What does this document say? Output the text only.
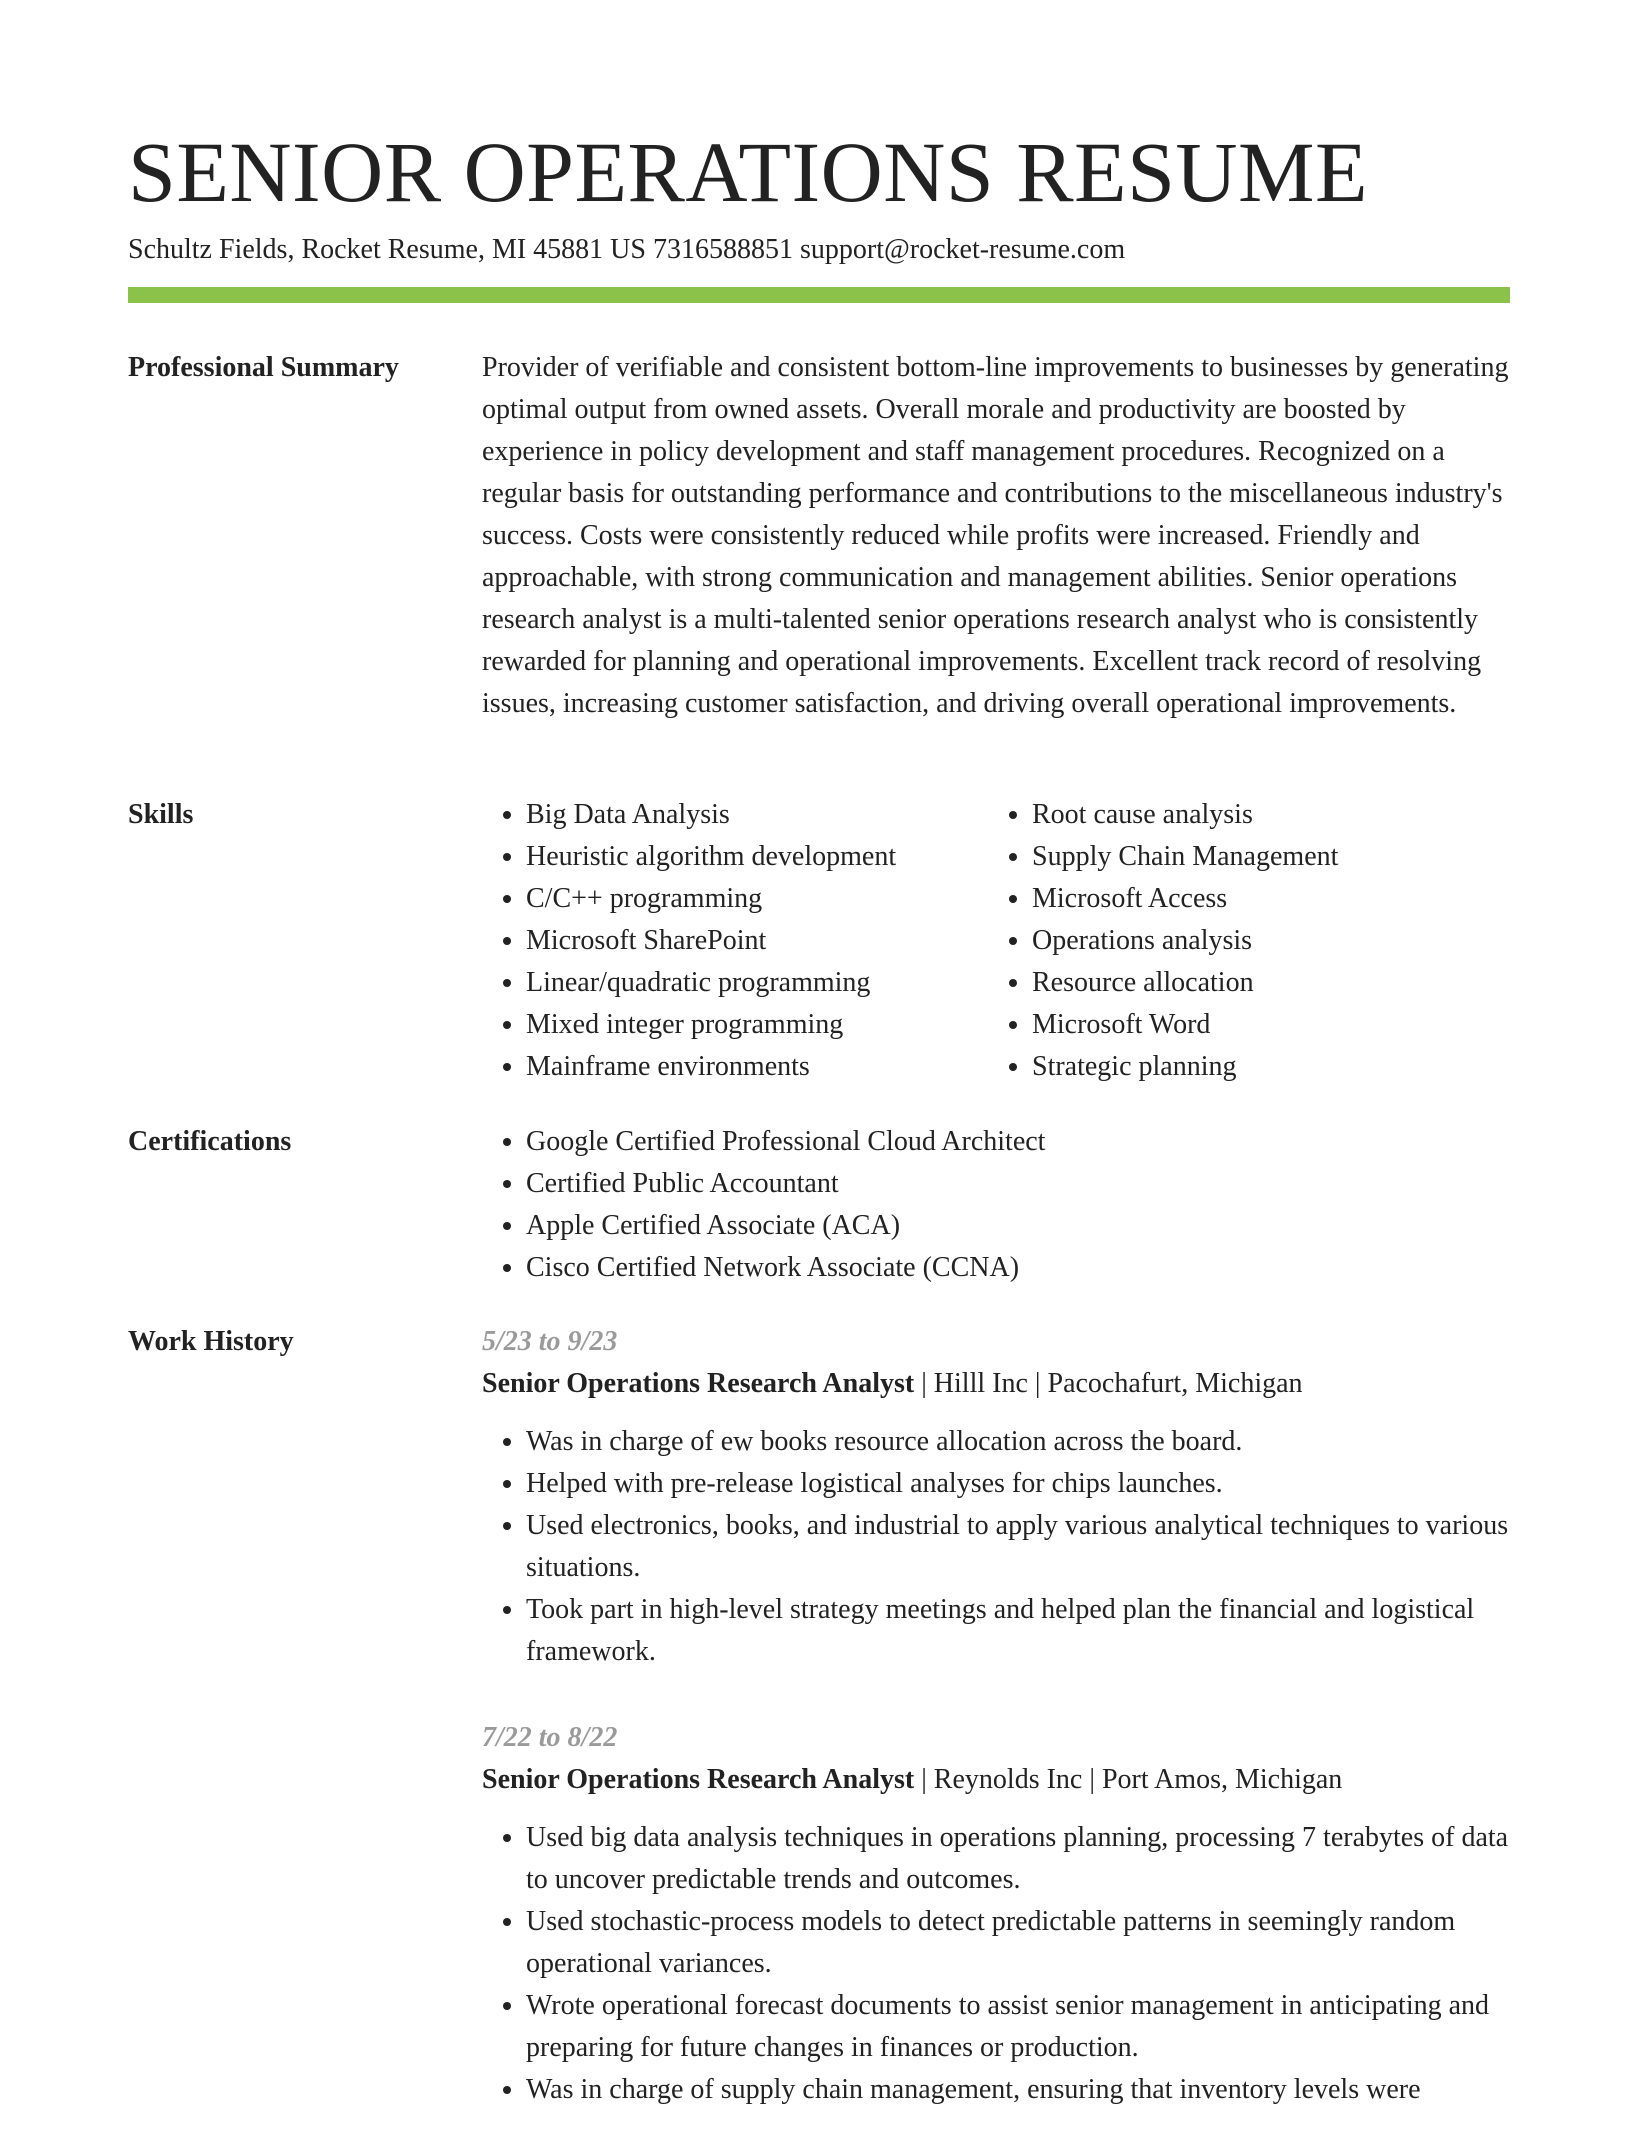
SENIOR OPERATIONS RESUME
Schultz Fields, Rocket Resume, MI 45881 US 7316588851 support@rocket-resume.com
Professional Summary	Provider of verifiable and consistent bottom-line improvements to businesses by generating optimal output from owned assets. Overall morale and productivity are boosted by experience in policy development and staff management procedures. Recognized on a regular basis for outstanding performance and contributions to the miscellaneous industry's success. Costs were consistently reduced while profits were increased. Friendly and approachable, with strong communication and management abilities. Senior operations research analyst is a multi-talented senior operations research analyst who is consistently rewarded for planning and operational improvements. Excellent track record of resolving issues, increasing customer satisfaction, and driving overall operational improvements.

Skills	• Big Data Analysis
• Heuristic algorithm development
• C/C++ programming
• Microsoft SharePoint
• Linear/quadratic programming
• Mixed integer programming
• Mainframe environments
• Root cause analysis
• Supply Chain Management
• Microsoft Access
• Operations analysis
• Resource allocation
• Microsoft Word
• Strategic planning
Certifications	• Google Certified Professional Cloud Architect
• Certified Public Accountant
• Apple Certified Associate (ACA)
• Cisco Certified Network Associate (CCNA)
Work History	5/23 to 9/23
Senior Operations Research Analyst | Hilll Inc | Pacochafurt, Michigan
• Was in charge of ew books resource allocation across the board.
• Helped with pre-release logistical analyses for chips launches.
• Used electronics, books, and industrial to apply various analytical techniques to various situations.
• Took part in high-level strategy meetings and helped plan the financial and logistical framework.
7/22 to 8/22
Senior Operations Research Analyst | Reynolds Inc | Port Amos, Michigan
• Used big data analysis techniques in operations planning, processing 7 terabytes of data to uncover predictable trends and outcomes.
• Used stochastic-process models to detect predictable patterns in seemingly random operational variances.
• Wrote operational forecast documents to assist senior management in anticipating and preparing for future changes in finances or production.
• Was in charge of supply chain management, ensuring that inventory levels were
